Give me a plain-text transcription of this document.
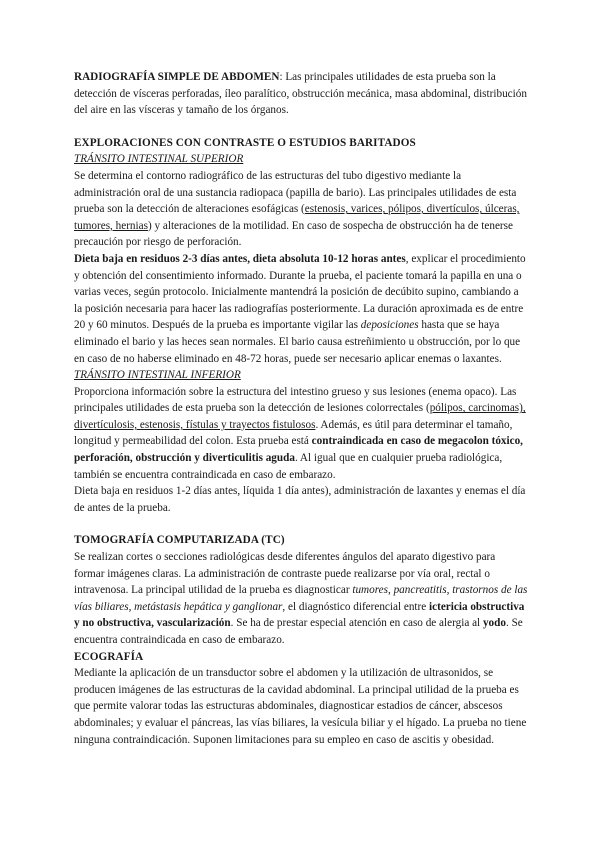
RADIOGRAFÍA SIMPLE DE ABDOMEN: Las principales utilidades de esta prueba son la detección de vísceras perforadas, íleo paralítico, obstrucción mecánica, masa abdominal, distribución del aire en las vísceras y tamaño de los órganos.

EXPLORACIONES CON CONTRASTE O ESTUDIOS BARITADOS

TRÁNSITO INTESTINAL SUPERIOR

Se determina el contorno radiográfico de las estructuras del tubo digestivo mediante la administración oral de una sustancia radiopaca (papilla de bario). Las principales utilidades de esta prueba son la detección de alteraciones esofágicas (estenosis, varices, pólipos, divertículos, úlceras, tumores, hernias) y alteraciones de la motilidad. En caso de sospecha de obstrucción ha de tenerse precaución por riesgo de perforación.

Dieta baja en residuos 2-3 días antes, dieta absoluta 10-12 horas antes, explicar el procedimiento y obtención del consentimiento informado. Durante la prueba, el paciente tomará la papilla en una o varias veces, según protocolo. Inicialmente mantendrá la posición de decúbito supino, cambiando a la posición necesaria para hacer las radiografías posteriormente. La duración aproximada es de entre 20 y 60 minutos. Después de la prueba es importante vigilar las deposiciones hasta que se haya eliminado el bario y las heces sean normales. El bario causa estreñimiento u obstrucción, por lo que en caso de no haberse eliminado en 48-72 horas, puede ser necesario aplicar enemas o laxantes.

TRÁNSITO INTESTINAL INFERIOR

Proporciona información sobre la estructura del intestino grueso y sus lesiones (enema opaco). Las principales utilidades de esta prueba son la detección de lesiones colorrectales (pólipos, carcinomas), divertículosis, estenosis, fístulas y trayectos fistulosos. Además, es útil para determinar el tamaño, longitud y permeabilidad del colon. Esta prueba está contraindicada en caso de megacolon tóxico, perforación, obstrucción y diverticulitis aguda. Al igual que en cualquier prueba radiológica, también se encuentra contraindicada en caso de embarazo.

Dieta baja en residuos 1-2 días antes, líquida 1 día antes), administración de laxantes y enemas el día de antes de la prueba.

TOMOGRAFÍA COMPUTARIZADA (TC)

Se realizan cortes o secciones radiológicas desde diferentes ángulos del aparato digestivo para formar imágenes claras. La administración de contraste puede realizarse por vía oral, rectal o intravenosa. La principal utilidad de la prueba es diagnosticar tumores, pancreatitis, trastornos de las vías biliares, metástasis hepática y ganglionar, el diagnóstico diferencial entre ictericia obstructiva y no obstructiva, vascularización. Se ha de prestar especial atención en caso de alergia al yodo. Se encuentra contraindicada en caso de embarazo.

ECOGRAFÍA

Mediante la aplicación de un transductor sobre el abdomen y la utilización de ultrasonidos, se producen imágenes de las estructuras de la cavidad abdominal. La principal utilidad de la prueba es que permite valorar todas las estructuras abdominales, diagnosticar estadios de cáncer, abscesos abdominales; y evaluar el páncreas, las vías biliares, la vesícula biliar y el hígado. La prueba no tiene ninguna contraindicación. Suponen limitaciones para su empleo en caso de ascitis y obesidad.
